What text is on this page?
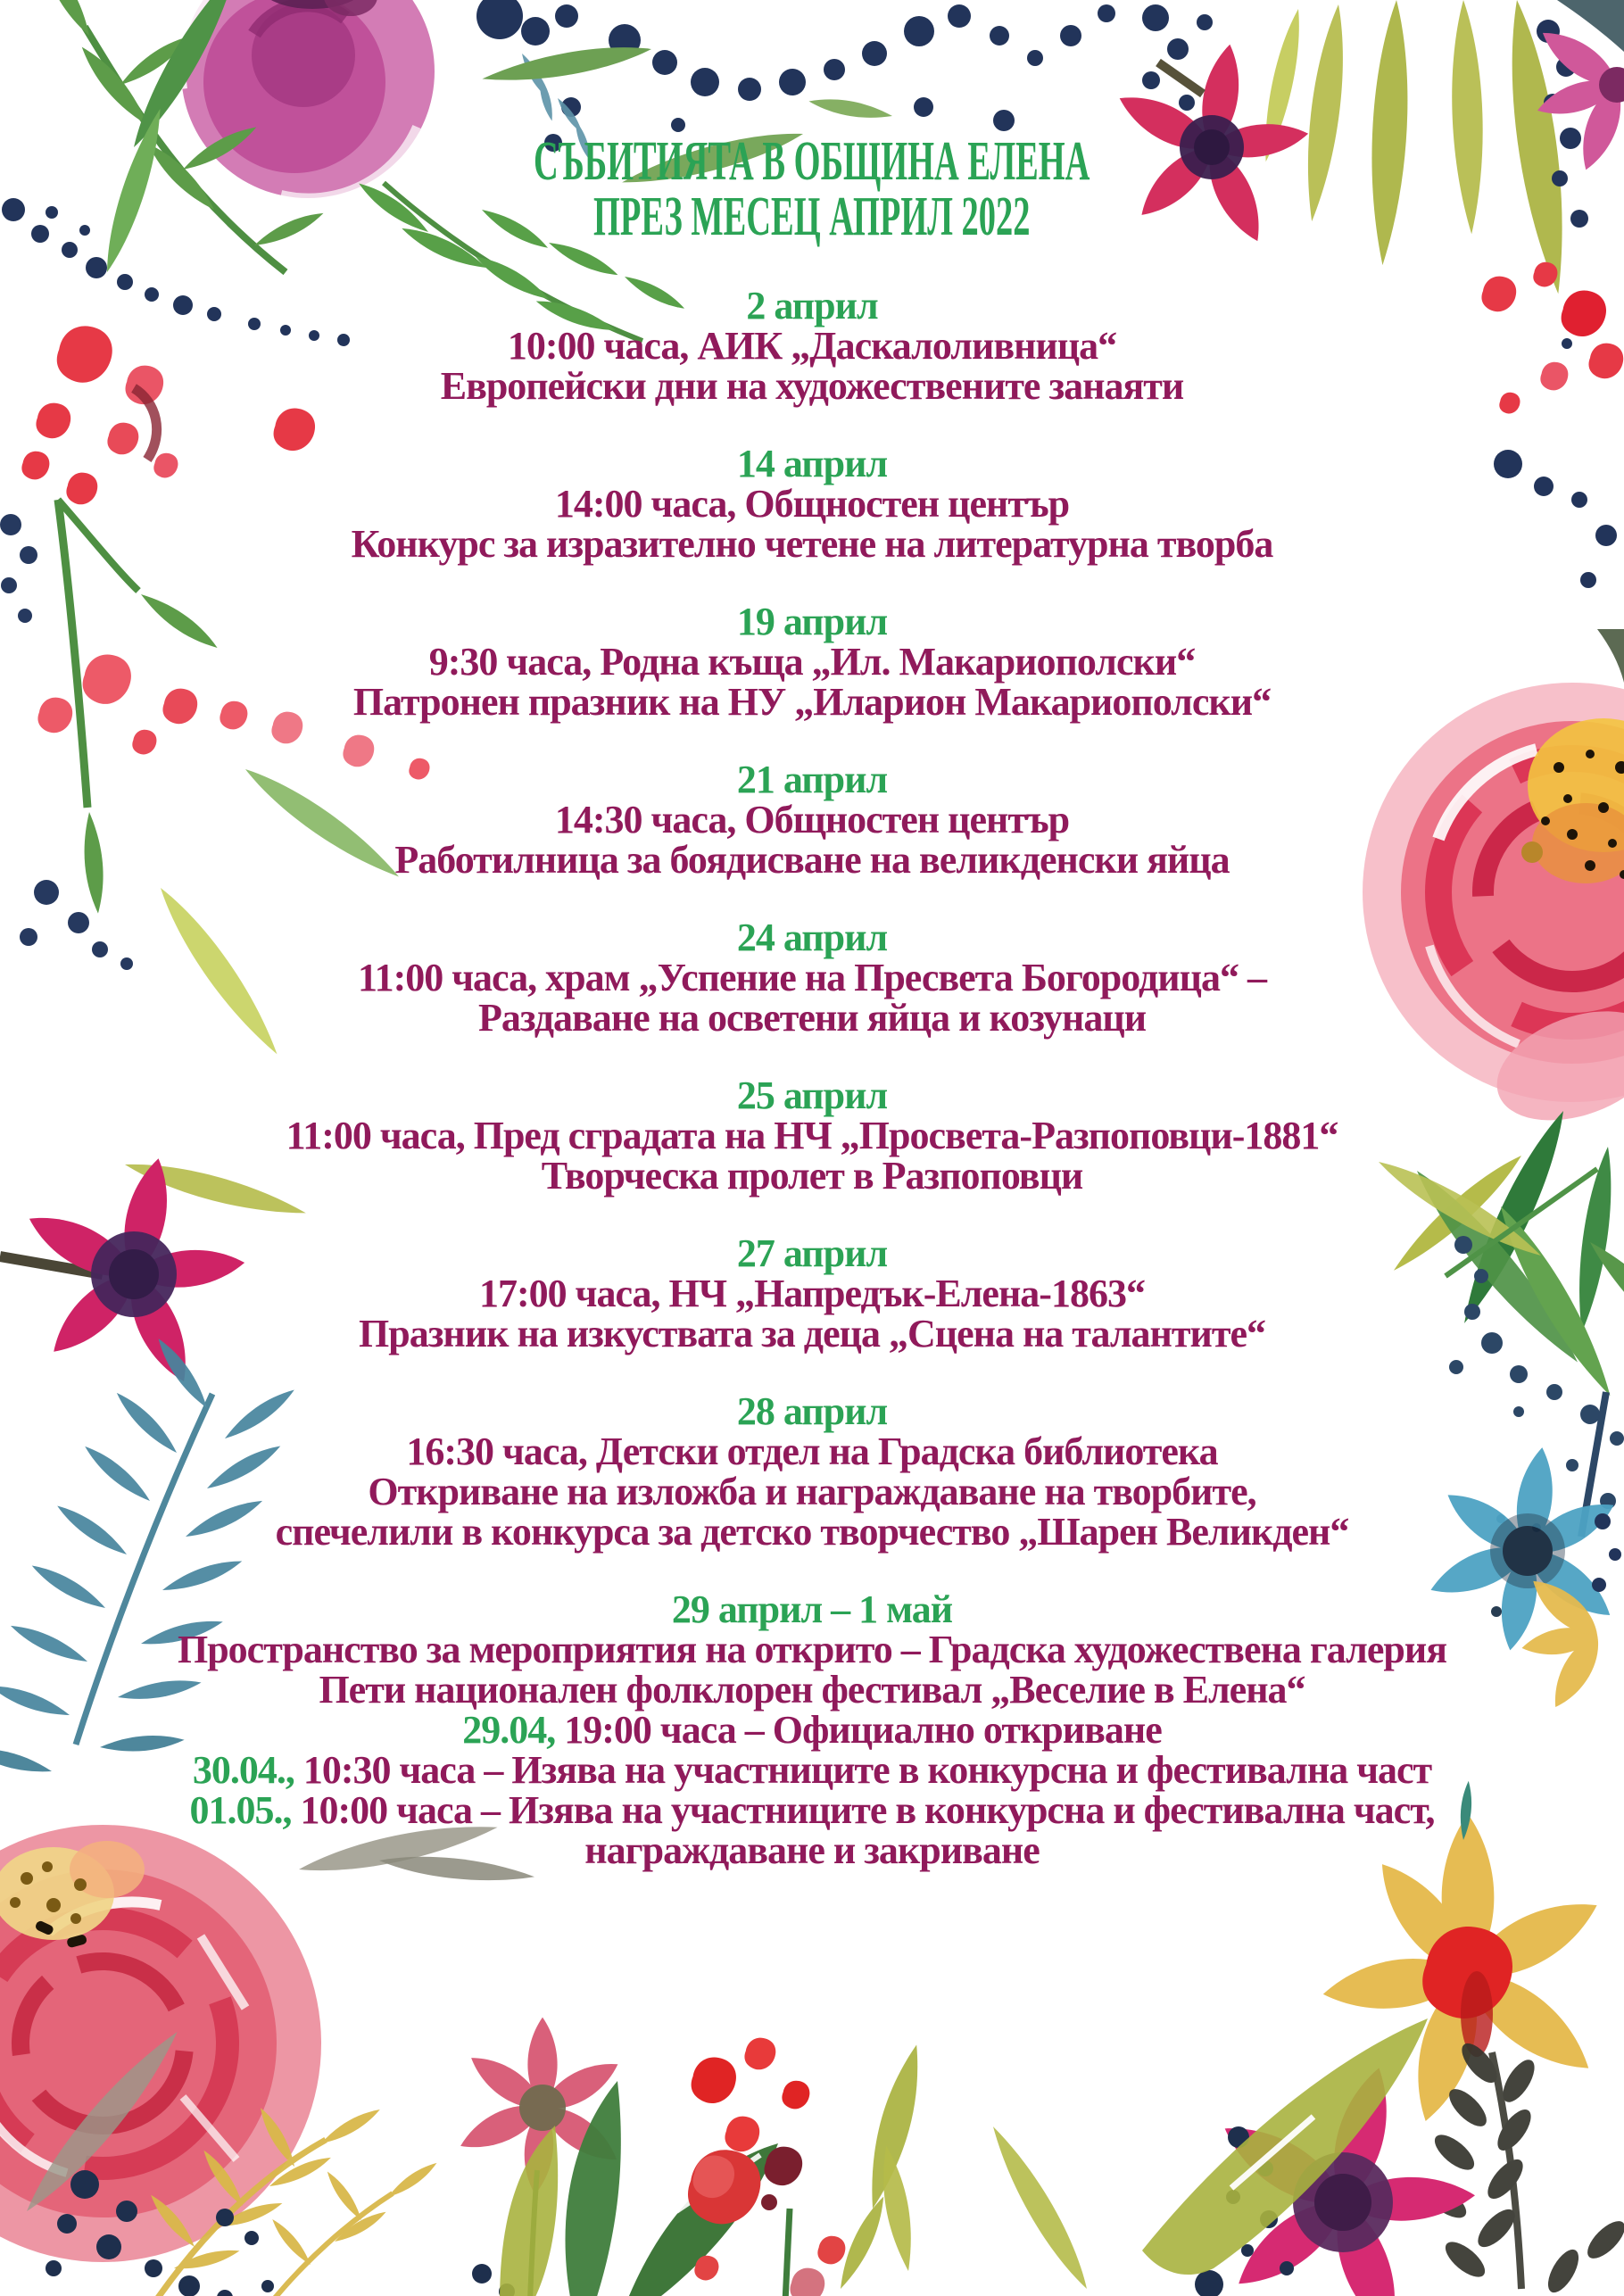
СЪБИТИЯТА В ОБЩИНА ЕЛЕНА
ПРЕЗ МЕСЕЦ АПРИЛ 2022
2 април
10:00 часа, АИК „Даскалоливница“
Европейски дни на художествените занаяти
14 април
14:00 часа, Общностен център
Конкурс за изразително четене на литературна творба
19 април
9:30 часа, Родна къща „Ил. Макариополски“
Патронен празник на НУ „Иларион Макариополски“
21 април
14:30 часа, Общностен център
Работилница за боядисване на великденски яйца
24 април
11:00 часа, храм „Успение на Пресвета Богородица“ –
Раздаване на осветени яйца и козунаци
25 април
11:00 часа, Пред сградата на НЧ „Просвета-Разпоповци-1881“
Творческа пролет в Разпоповци
27 април
17:00 часа, НЧ „Напредък-Елена-1863“
Празник на изкуствата за деца „Сцена на талантите“
28 април
16:30 часа, Детски отдел на Градска библиотека
Откриване на изложба и награждаване на творбите,
спечелили в конкурса за детско творчество „Шарен Великден“
29 април – 1 май
Пространство за мероприятия на открито – Градска художествена галерия
Пети национален фолклорен фестивал „Веселие в Елена“
29.04, 19:00 часа – Официално откриване
30.04., 10:30 часа – Изява на участниците в конкурсна и фестивална част
01.05., 10:00 часа – Изява на участниците в конкурсна и фестивална част,
награждаване и закриване
